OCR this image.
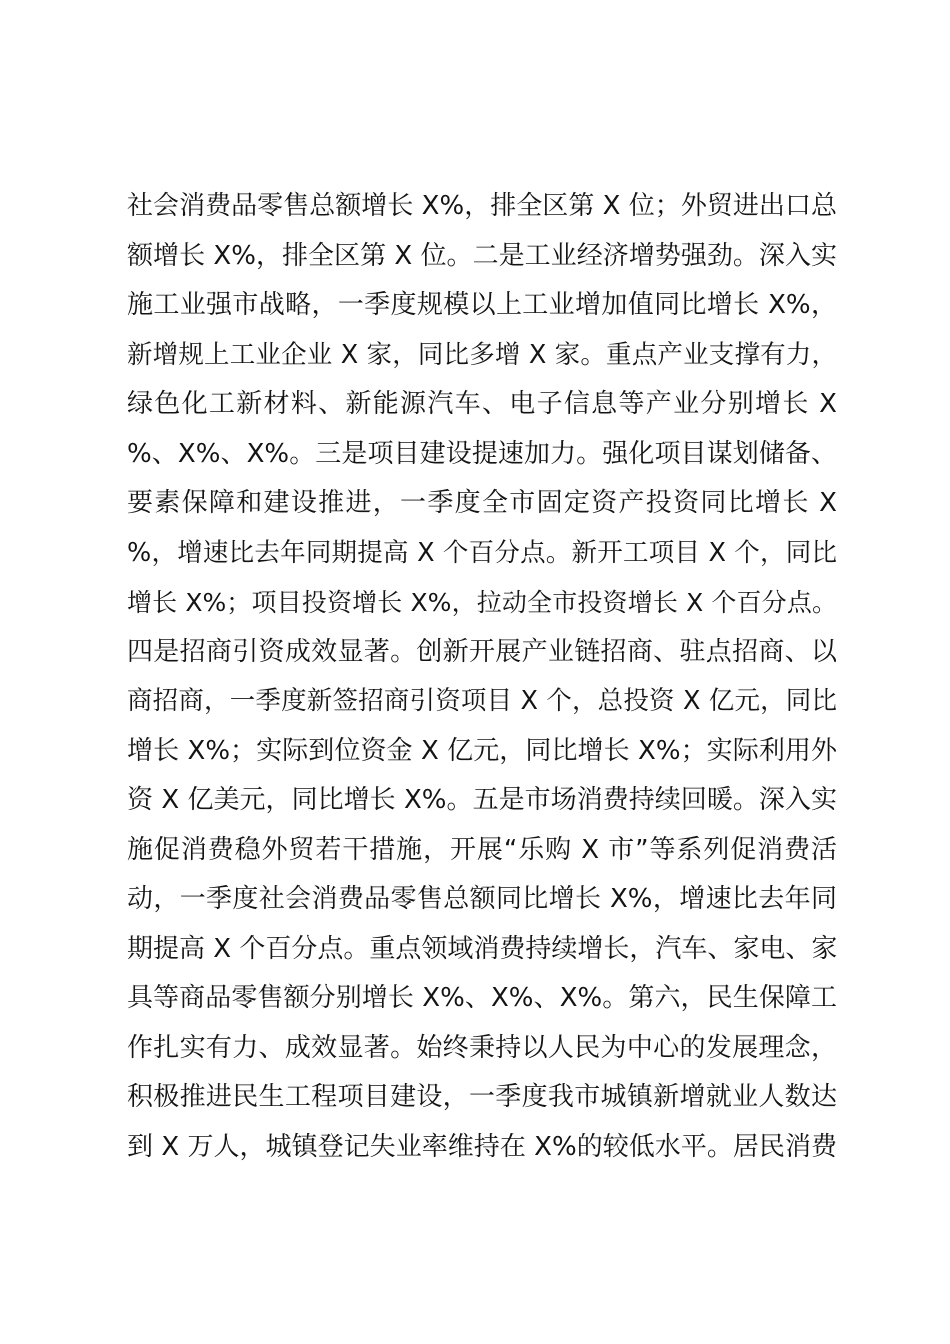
社会消费品零售总额增长 X%，排全区第 X 位；外贸进出口总
额增长 X%，排全区第 X 位。二是工业经济增势强劲。深入实
施工业强市战略，一季度规模以上工业增加值同比增长 X%，
新增规上工业企业 X 家，同比多增 X 家。重点产业支撑有力，
绿色化工新材料、新能源汽车、电子信息等产业分别增长 X
%、X%、X%。三是项目建设提速加力。强化项目谋划储备、
要素保障和建设推进，一季度全市固定资产投资同比增长 X
%，增速比去年同期提高 X 个百分点。新开工项目 X 个，同比
增长 X%；项目投资增长 X%，拉动全市投资增长 X 个百分点。
四是招商引资成效显著。创新开展产业链招商、驻点招商、以
商招商，一季度新签招商引资项目 X 个，总投资 X 亿元，同比
增长 X%；实际到位资金 X 亿元，同比增长 X%；实际利用外
资 X 亿美元，同比增长 X%。五是市场消费持续回暖。深入实
施促消费稳外贸若干措施，开展“乐购 X 市”等系列促消费活
动，一季度社会消费品零售总额同比增长 X%，增速比去年同
期提高 X 个百分点。重点领域消费持续增长，汽车、家电、家
具等商品零售额分别增长 X%、X%、X%。第六，民生保障工
作扎实有力、成效显著。始终秉持以人民为中心的发展理念，
积极推进民生工程项目建设，一季度我市城镇新增就业人数达
到 X 万人，城镇登记失业率维持在 X%的较低水平。居民消费
